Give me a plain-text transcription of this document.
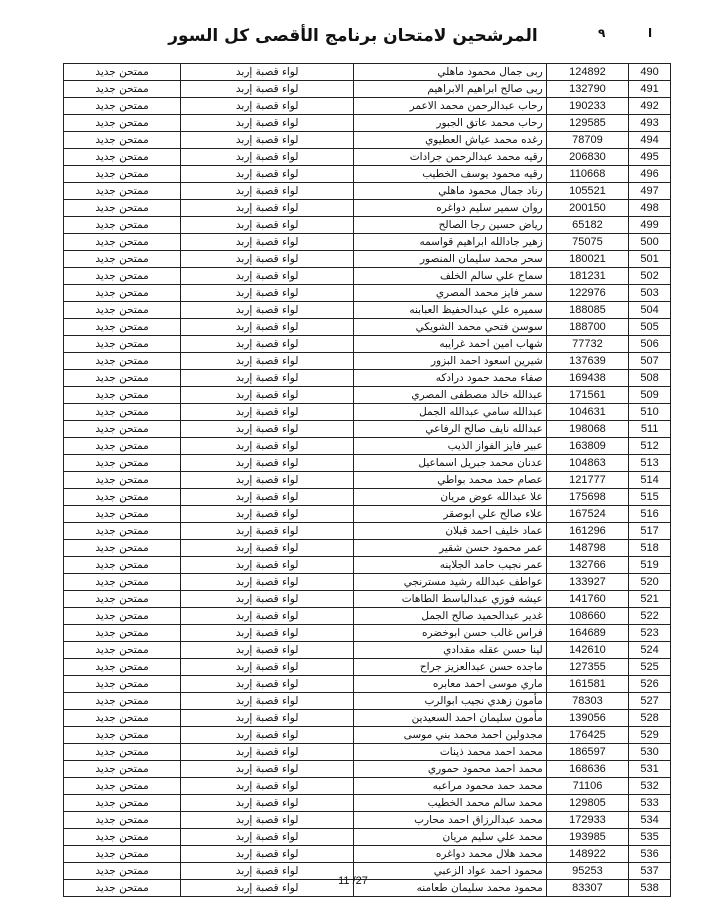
المرشحين لامتحان برنامج الأقصى كل السور	ا
٩
ممتحن جديد	لواء قصبة إربد	ربى جمال محمود ماهلي	124892	490
ممتحن جديد	لواء قصبة إربد	ربى صالح ابراهيم الابراهيم	132790	491
ممتحن جديد	لواء قصبة إربد	رحاب عبدالرحمن محمد الاعمر	190233	492
ممتحن جديد	لواء قصبة إربد	رحاب محمد عاتق الجبور	129585	493
ممتحن جديد	لواء قصبة إربد	رغده محمد عياش العطيوي	78709	494
ممتحن جديد	لواء قصبة إربد	رقيه محمد عبدالرحمن جرادات	206830	495
ممتحن جديد	لواء قصبة إربد	رقيه محمود يوسف الخطيب	110668	496
ممتحن جديد	لواء قصبة إربد	رناد جمال محمود ماهلي	105521	497
ممتحن جديد	لواء قصبة إربد	روان سمير سليم دواغره	200150	498
ممتحن جديد	لواء قصبة إربد	رياض حسين رجا الصالح	65182	499
ممتحن جديد	لواء قصبة إربد	زهير جادالله ابراهيم قواسمه	75075	500
ممتحن جديد	لواء قصبة إربد	سحر محمد سليمان المنصور	180021	501
ممتحن جديد	لواء قصبة إربد	سماح علي سالم الخلف	181231	502
ممتحن جديد	لواء قصبة إربد	سمر فايز محمد المصري	122976	503
ممتحن جديد	لواء قصبة إربد	سميره علي عبدالحفيظ العبابنه	188085	504
ممتحن جديد	لواء قصبة إربد	سوسن فتحي محمد الشويكي	188700	505
ممتحن جديد	لواء قصبة إربد	شهاب امين احمد غرايبه	77732	506
ممتحن جديد	لواء قصبة إربد	شيرين اسعود احمد البزور	137639	507
ممتحن جديد	لواء قصبة إربد	صفاء محمد حمود درادكه	169438	508
ممتحن جديد	لواء قصبة إربد	عبدالله خالد مصطفى المصري	171561	509
ممتحن جديد	لواء قصبة إربد	عبدالله سامي عبدالله الجمل	104631	510
ممتحن جديد	لواء قصبة إربد	عبدالله نايف صالح الرفاعي	198068	511
ممتحن جديد	لواء قصبة إربد	عبير فايز الفواز الذيب	163809	512
ممتحن جديد	لواء قصبة إربد	عدنان محمد جبريل اسماعيل	104863	513
ممتحن جديد	لواء قصبة إربد	عصام حمد محمد بواطي	121777	514
ممتحن جديد	لواء قصبة إربد	علا عبدالله عوض مريان	175698	515
ممتحن جديد	لواء قصبة إربد	علاء صالح علي ابوصقر	167524	516
ممتحن جديد	لواء قصبة إربد	عماد خليف احمد قبلان	161296	517
ممتحن جديد	لواء قصبة إربد	عمر محمود حسن شقير	148798	518
ممتحن جديد	لواء قصبة إربد	عمر نجيب حامد الجلاينه	132766	519
ممتحن جديد	لواء قصبة إربد	عواطف عبدالله رشيد مسترنجي	133927	520
ممتحن جديد	لواء قصبة إربد	عيشه فوزي عبدالباسط الطاهات	141760	521
ممتحن جديد	لواء قصبة إربد	غدير عبدالحميد صالح الجمل	108660	522
ممتحن جديد	لواء قصبة إربد	فراس غالب حسن ابوخضره	164689	523
ممتحن جديد	لواء قصبة إربد	لينا حسن عقله مقدادي	142610	524
ممتحن جديد	لواء قصبة إربد	ماجده حسن عبدالعزيز جراح	127355	525
ممتحن جديد	لواء قصبة إربد	ماري موسى احمد معابره	161581	526
ممتحن جديد	لواء قصبة إربد	مأمون زهدي نجيب ابوالرب	78303	527
ممتحن جديد	لواء قصبة إربد	مأمون سليمان احمد السعيدين	139056	528
ممتحن جديد	لواء قصبة إربد	مجدولين احمد محمد بني موسى	176425	529
ممتحن جديد	لواء قصبة إربد	محمد احمد محمد ذينات	186597	530
ممتحن جديد	لواء قصبة إربد	محمد احمد محمود حموري	168636	531
ممتحن جديد	لواء قصبة إربد	محمد حمد محمود مراعبه	71106	532
ممتحن جديد	لواء قصبة إربد	محمد سالم محمد الخطيب	129805	533
ممتحن جديد	لواء قصبة إربد	محمد عبدالرزاق احمد محارب	172933	534
ممتحن جديد	لواء قصبة إربد	محمد علي سليم مريان	193985	535
ممتحن جديد	لواء قصبة إربد	محمد هلال محمد دواغره	148922	536
ممتحن جديد	لواء قصبة إربد	محمود احمد عواد الزعبي	95253	537
ممتحن جديد	لواء قصبة إربد	محمود محمد سليمان طعامنه	83307	538
11 /27
